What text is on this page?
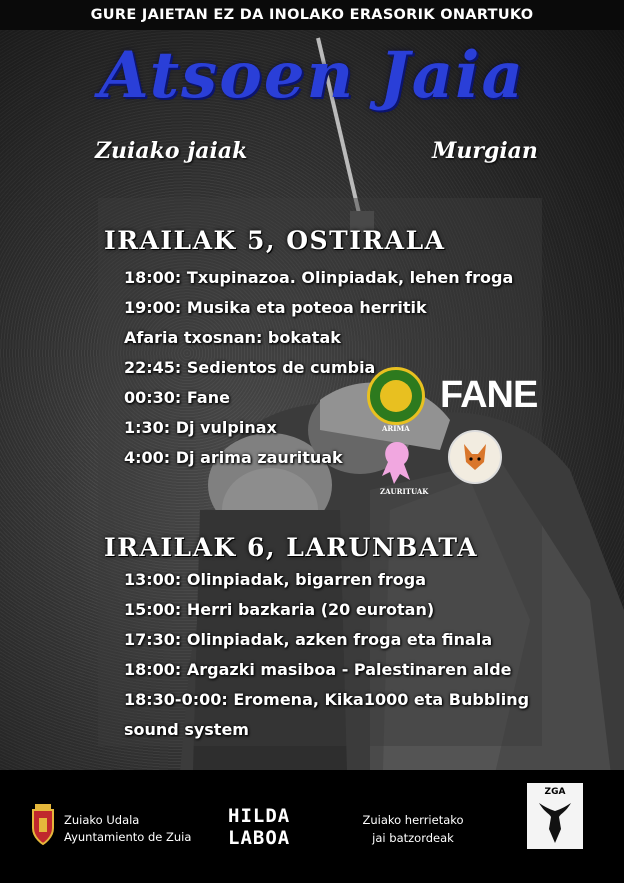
GURE JAIETAN EZ DA INOLAKO ERASORIK ONARTUKO
Atsoen Jaia
Zuiako jaiak	Murgian
IRAILAK 5, OSTIRALA
18:00: Txupinazoa. Olinpiadak, lehen froga
19:00: Musika eta poteoa herritik
Afaria txosnan: bokatak
22:45: Sedientos de cumbia
00:30: Fane
1:30: Dj vulpinax
4:00: Dj arima zaurituak
FANE
ARIMA
ZAURITUAK
IRAILAK 6, LARUNBATA
13:00: Olinpiadak, bigarren froga
15:00: Herri bazkaria (20 eurotan)
17:30: Olinpiadak, azken froga eta finala
18:00: Argazki masiboa - Palestinaren alde
18:30-0:00: Eromena, Kika1000 eta Bubbling
sound system
Zuiako Udala
Ayuntamiento de Zuia
HILDA
LABOA
Zuiako herrietako
jai batzordeak
ZGA
